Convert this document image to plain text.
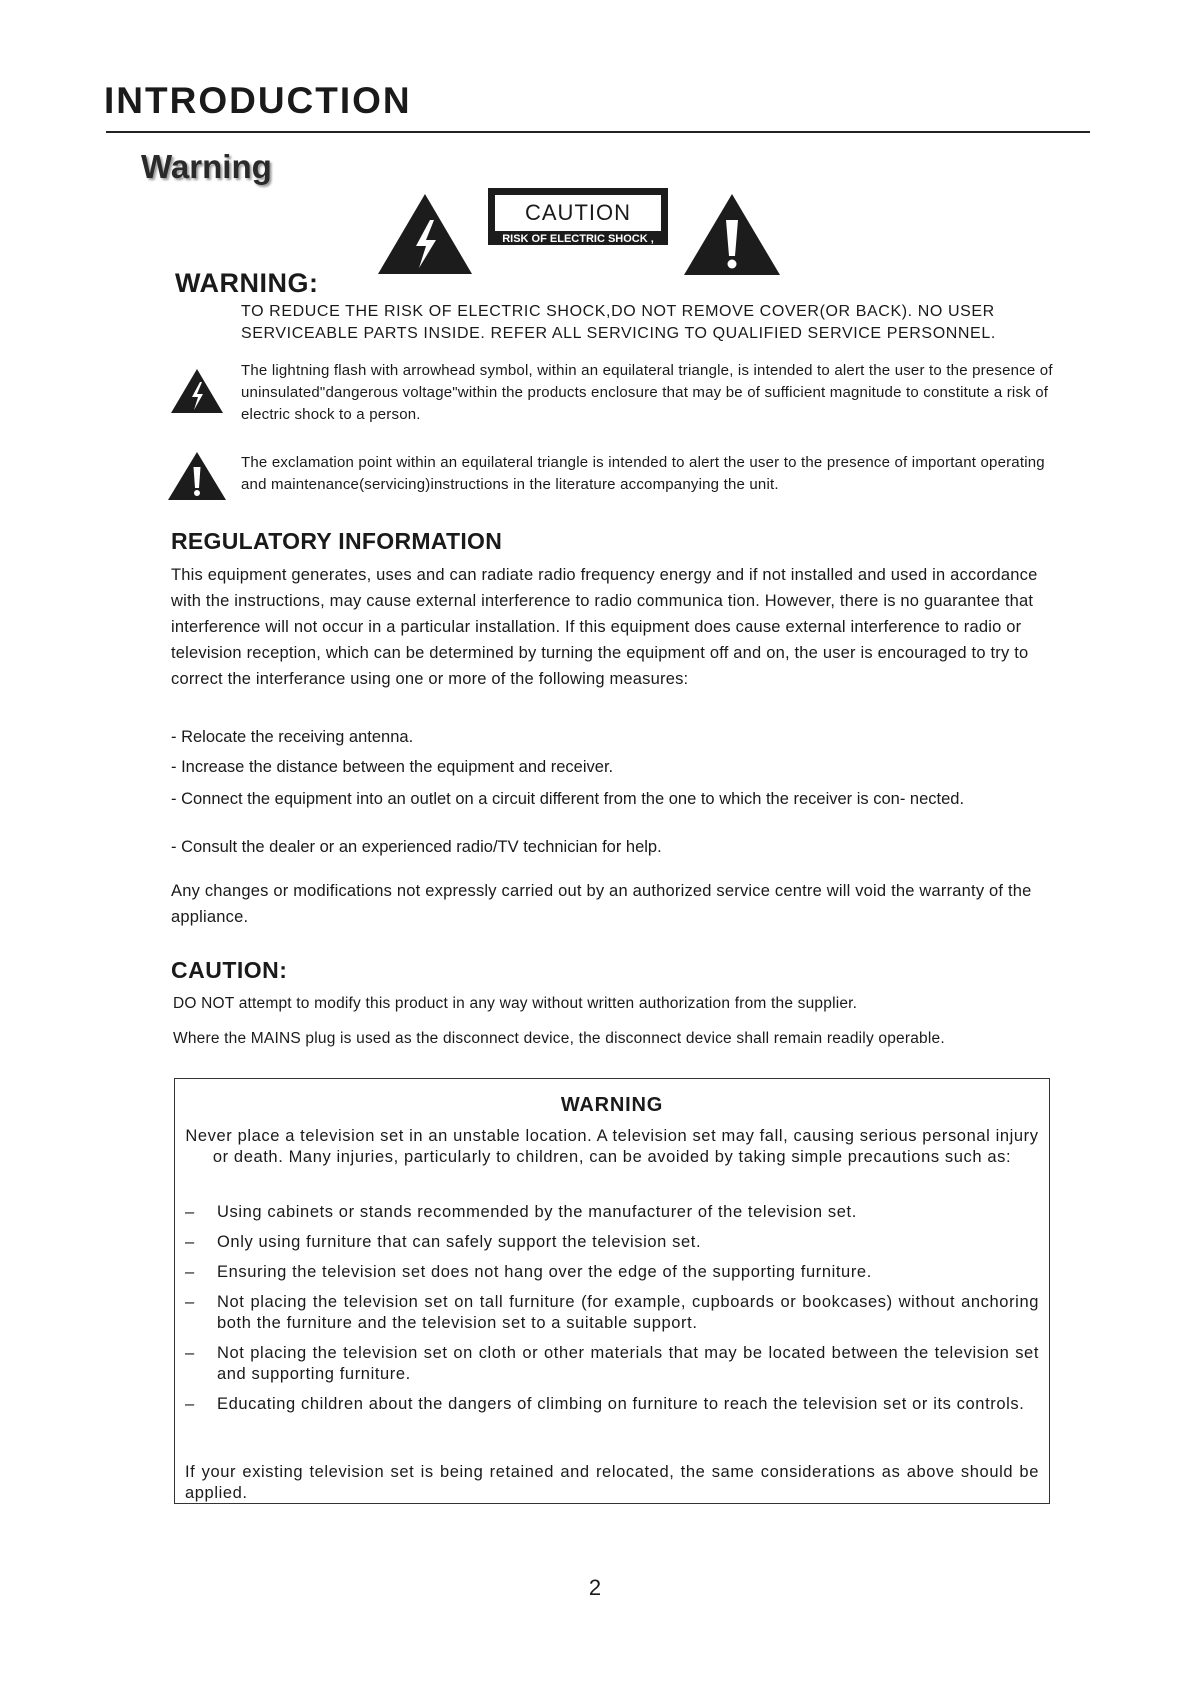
INTRODUCTION
Warning
CAUTION
RISK OF ELECTRIC SHOCK ,
DO NOT OPEN!
WARNING:
TO REDUCE THE RISK OF ELECTRIC SHOCK,DO NOT REMOVE COVER(OR BACK). NO USER
SERVICEABLE PARTS INSIDE. REFER ALL SERVICING TO QUALIFIED SERVICE PERSONNEL.

The lightning flash with arrowhead symbol, within an equilateral triangle, is intended to alert the user to the presence of uninsulated"dangerous voltage"within the products enclosure that may be of sufficient magnitude to constitute a risk of electric shock to a person.

The exclamation point within an equilateral triangle is intended to alert the user to the presence of important operating and maintenance(servicing)instructions in the literature accompanying the unit.

REGULATORY INFORMATION

This equipment generates, uses and can radiate radio frequency energy and if not installed and used in accordance with the instructions, may cause external interference to radio communica tion. However, there is no guarantee that interference will not occur in a particular installation. If this equipment does cause external interference to radio or television reception, which can be determined by turning the equipment off and on, the user is encouraged to try to correct the interferance using one or more of the following measures:

- Relocate the receiving antenna.

- Increase the distance between the equipment and receiver.

- Connect the equipment into an outlet on a circuit different from the one to which the receiver is con- nected.

- Consult the dealer or an experienced radio/TV technician for help.

Any changes or modifications not expressly carried out by an authorized service centre will void the warranty of the appliance.

CAUTION:

DO NOT attempt to modify this product in any way without written authorization from the supplier.

Where the MAINS plug is used as the disconnect device, the disconnect device shall remain readily operable.

WARNING
Never place a television set in an unstable location. A television set may fall, causing serious personal injury or death. Many injuries, particularly to children, can be avoided by taking simple precautions such as:
– Using cabinets or stands recommended by the manufacturer of the television set.
– Only using furniture that can safely support the television set.
– Ensuring the television set does not hang over the edge of the supporting furniture.
– Not placing the television set on tall furniture (for example, cupboards or bookcases) without anchoring both the furniture and the television set to a suitable support.
– Not placing the television set on cloth or other materials that may be located between the television set and supporting furniture.
– Educating children about the dangers of climbing on furniture to reach the television set or its controls.
If your existing television set is being retained and relocated, the same considerations as above should be applied.
2
